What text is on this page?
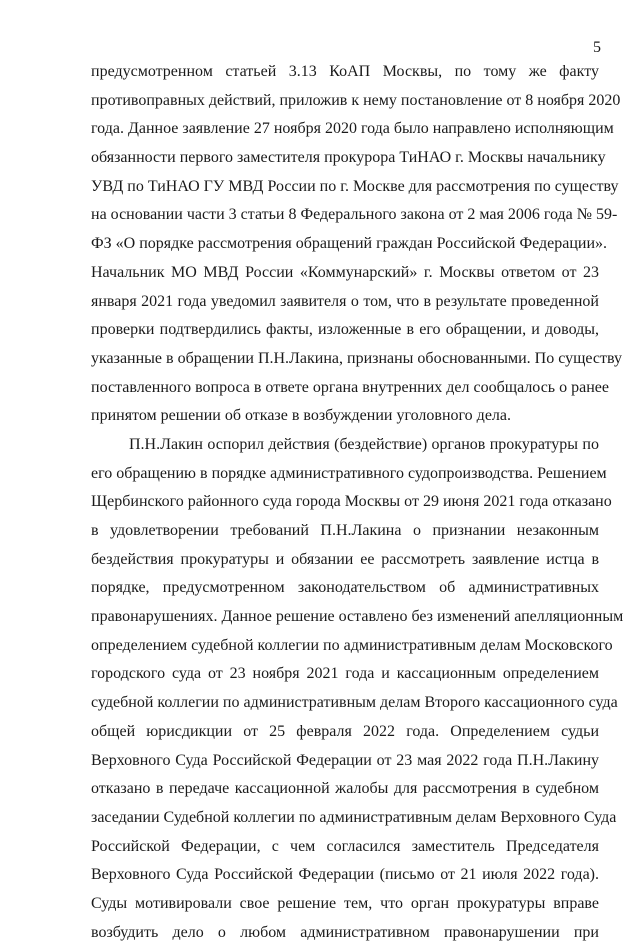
5

предусмотренном статьей 3.13 КоАП Москвы, по тому же факту
противоправных действий, приложив к нему постановление от 8 ноября 2020
года. Данное заявление 27 ноября 2020 года было направлено исполняющим
обязанности первого заместителя прокурора ТиНАО г. Москвы начальнику
УВД по ТиНАО ГУ МВД России по г. Москве для рассмотрения по существу
на основании части 3 статьи 8 Федерального закона от 2 мая 2006 года № 59-
ФЗ «О порядке рассмотрения обращений граждан Российской Федерации».
Начальник МО МВД России «Коммунарский» г. Москвы ответом от 23
января 2021 года уведомил заявителя о том, что в результате проведенной
проверки подтвердились факты, изложенные в его обращении, и доводы,
указанные в обращении П.Н.Лакина, признаны обоснованными. По существу
поставленного вопроса в ответе органа внутренних дел сообщалось о ранее
принятом решении об отказе в возбуждении уголовного дела.

П.Н.Лакин оспорил действия (бездействие) органов прокуратуры по
его обращению в порядке административного судопроизводства. Решением
Щербинского районного суда города Москвы от 29 июня 2021 года отказано
в удовлетворении требований П.Н.Лакина о признании незаконным
бездействия прокуратуры и обязании ее рассмотреть заявление истца в
порядке, предусмотренном законодательством об административных
правонарушениях. Данное решение оставлено без изменений апелляционным
определением судебной коллегии по административным делам Московского
городского суда от 23 ноября 2021 года и кассационным определением
судебной коллегии по административным делам Второго кассационного суда
общей юрисдикции от 25 февраля 2022 года. Определением судьи
Верховного Суда Российской Федерации от 23 мая 2022 года П.Н.Лакину
отказано в передаче кассационной жалобы для рассмотрения в судебном
заседании Судебной коллегии по административным делам Верховного Суда
Российской Федерации, с чем согласился заместитель Председателя
Верховного Суда Российской Федерации (письмо от 21 июля 2022 года).
Суды мотивировали свое решение тем, что орган прокуратуры вправе
возбудить дело о любом административном правонарушении при
